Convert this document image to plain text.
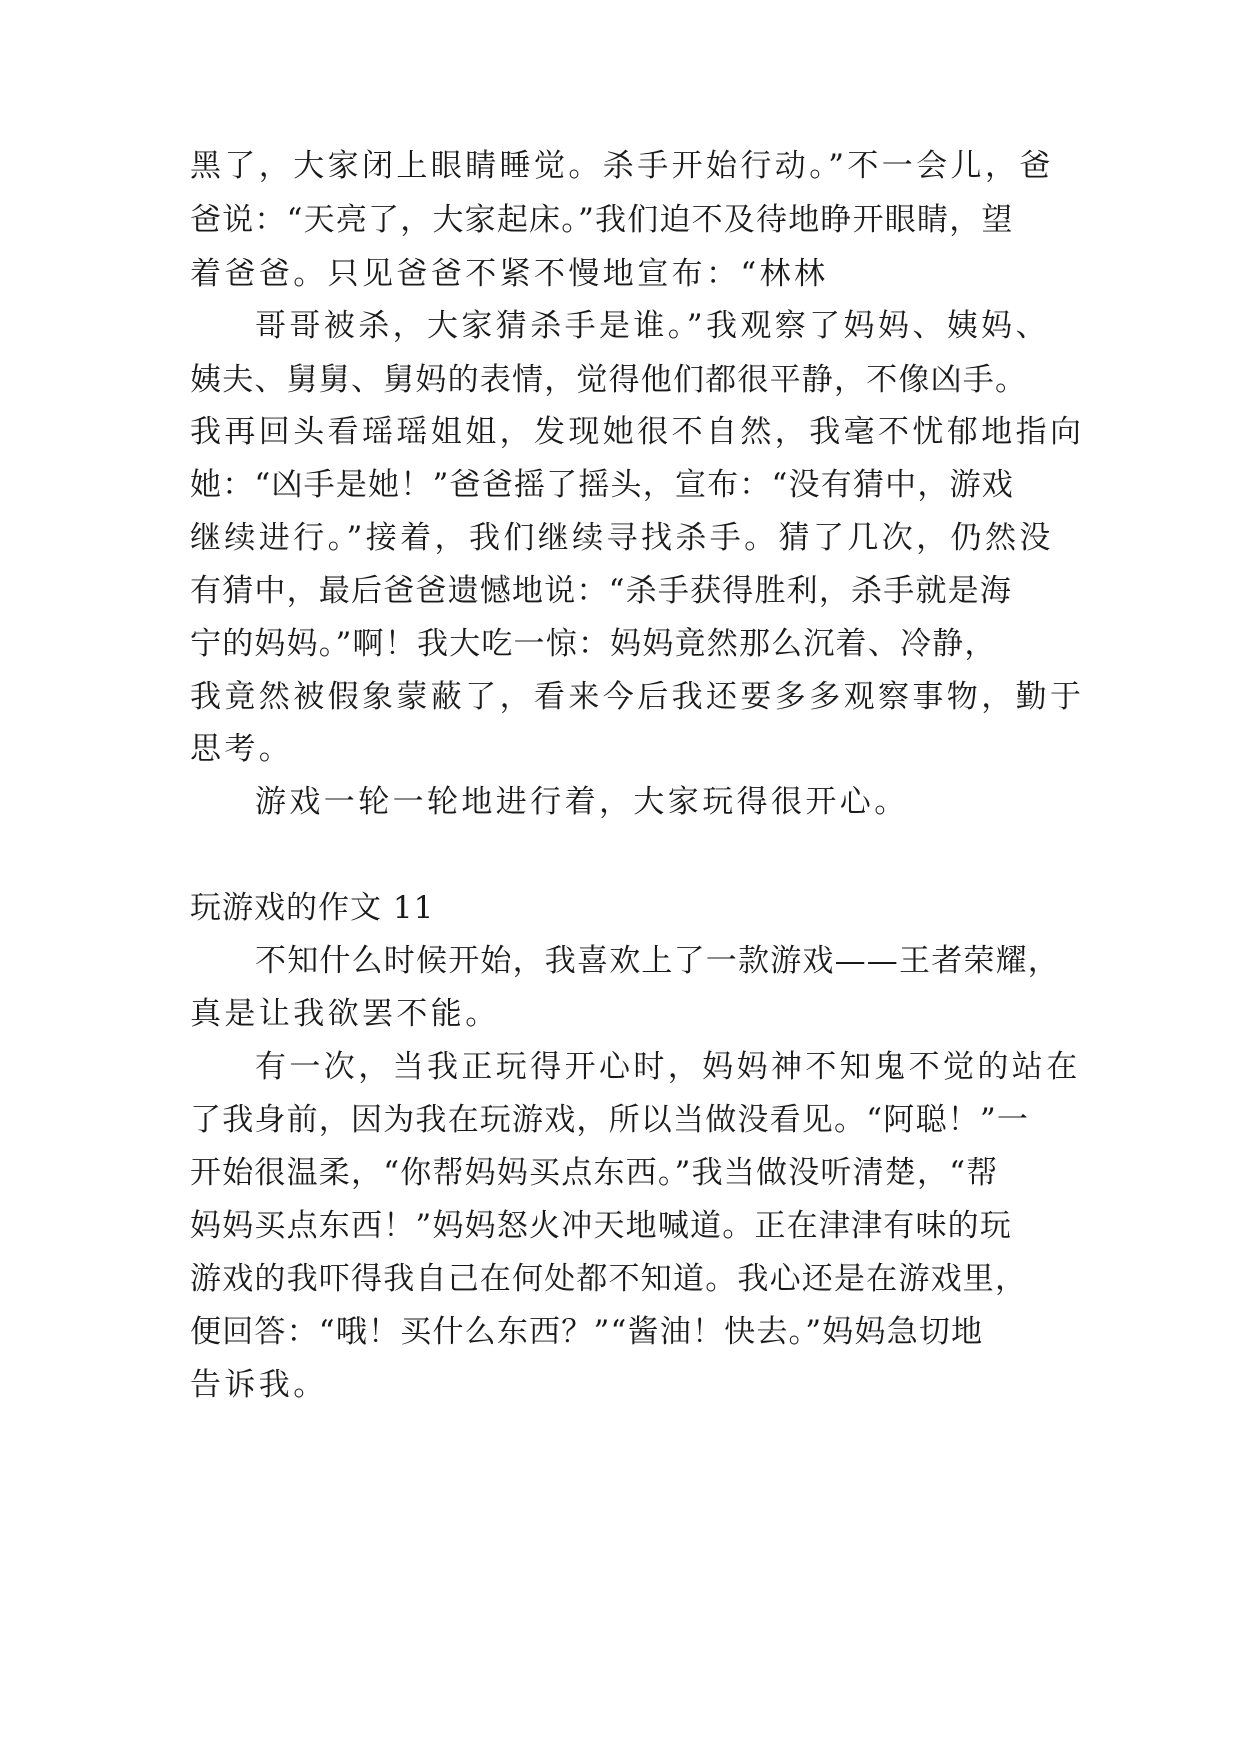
黑了，大家闭上眼睛睡觉。杀手开始行动。”不一会儿，爸
爸说：“天亮了，大家起床。”我们迫不及待地睁开眼睛，望
着爸爸。只见爸爸不紧不慢地宣布：“林林
哥哥被杀，大家猜杀手是谁。”我观察了妈妈、姨妈、
姨夫、舅舅、舅妈的表情，觉得他们都很平静，不像凶手。
我再回头看瑶瑶姐姐，发现她很不自然，我毫不忧郁地指向
她：“凶手是她！”爸爸摇了摇头，宣布：“没有猜中，游戏
继续进行。”接着，我们继续寻找杀手。猜了几次，仍然没
有猜中，最后爸爸遗憾地说：“杀手获得胜利，杀手就是海
宁的妈妈。”啊！我大吃一惊：妈妈竟然那么沉着、冷静，
我竟然被假象蒙蔽了，看来今后我还要多多观察事物，勤于
思考。
游戏一轮一轮地进行着，大家玩得很开心。
玩游戏的作文 11
不知什么时候开始，我喜欢上了一款游戏——王者荣耀，
真是让我欲罢不能。
有一次，当我正玩得开心时，妈妈神不知鬼不觉的站在
了我身前，因为我在玩游戏，所以当做没看见。“阿聪！”一
开始很温柔，“你帮妈妈买点东西。”我当做没听清楚，“帮
妈妈买点东西！”妈妈怒火冲天地喊道。正在津津有味的玩
游戏的我吓得我自己在何处都不知道。我心还是在游戏里，
便回答：“哦！买什么东西？”“酱油！快去。”妈妈急切地
告诉我。
